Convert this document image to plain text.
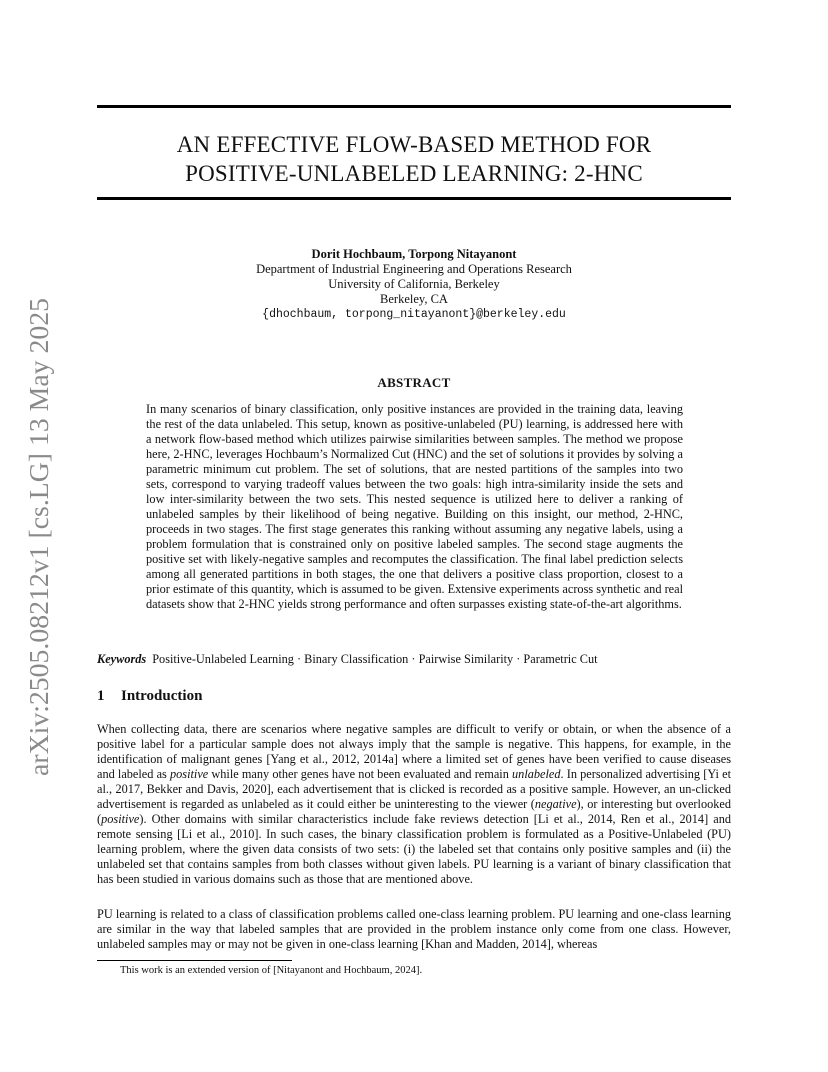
arXiv:2505.08212v1 [cs.LG] 13 May 2025
AN EFFECTIVE FLOW-BASED METHOD FOR
POSITIVE-UNLABELED LEARNING: 2-HNC
Dorit Hochbaum, Torpong Nitayanont
Department of Industrial Engineering and Operations Research
University of California, Berkeley
Berkeley, CA
{dhochbaum, torpong_nitayanont}@berkeley.edu
ABSTRACT
In many scenarios of binary classification, only positive instances are provided in the training data, leaving the rest of the data unlabeled. This setup, known as positive-unlabeled (PU) learning, is addressed here with a network flow-based method which utilizes pairwise similarities between samples. The method we propose here, 2-HNC, leverages Hochbaum’s Normalized Cut (HNC) and the set of solutions it provides by solving a parametric minimum cut problem. The set of solutions, that are nested partitions of the samples into two sets, correspond to varying tradeoff values between the two goals: high intra-similarity inside the sets and low inter-similarity between the two sets. This nested sequence is utilized here to deliver a ranking of unlabeled samples by their likelihood of being negative. Building on this insight, our method, 2-HNC, proceeds in two stages. The first stage generates this ranking without assuming any negative labels, using a problem formulation that is constrained only on positive labeled samples. The second stage augments the positive set with likely-negative samples and recomputes the classification. The final label prediction selects among all generated partitions in both stages, the one that delivers a positive class proportion, closest to a prior estimate of this quantity, which is assumed to be given. Extensive experiments across synthetic and real datasets show that 2-HNC yields strong performance and often surpasses existing state-of-the-art algorithms.
Keywords Positive-Unlabeled Learning · Binary Classification · Pairwise Similarity · Parametric Cut
1 Introduction
When collecting data, there are scenarios where negative samples are difficult to verify or obtain, or when the absence of a positive label for a particular sample does not always imply that the sample is negative. This happens, for example, in the identification of malignant genes [Yang et al., 2012, 2014a] where a limited set of genes have been verified to cause diseases and labeled as positive while many other genes have not been evaluated and remain unlabeled. In personalized advertising [Yi et al., 2017, Bekker and Davis, 2020], each advertisement that is clicked is recorded as a positive sample. However, an un-clicked advertisement is regarded as unlabeled as it could either be uninteresting to the viewer (negative), or interesting but overlooked (positive). Other domains with similar characteristics include fake reviews detection [Li et al., 2014, Ren et al., 2014] and remote sensing [Li et al., 2010]. In such cases, the binary classification problem is formulated as a Positive-Unlabeled (PU) learning problem, where the given data consists of two sets: (i) the labeled set that contains only positive samples and (ii) the unlabeled set that contains samples from both classes without given labels. PU learning is a variant of binary classification that has been studied in various domains such as those that are mentioned above.
PU learning is related to a class of classification problems called one-class learning problem. PU learning and one-class learning are similar in the way that labeled samples that are provided in the problem instance only come from one class. However, unlabeled samples may or may not be given in one-class learning [Khan and Madden, 2014], whereas
This work is an extended version of [Nitayanont and Hochbaum, 2024].
